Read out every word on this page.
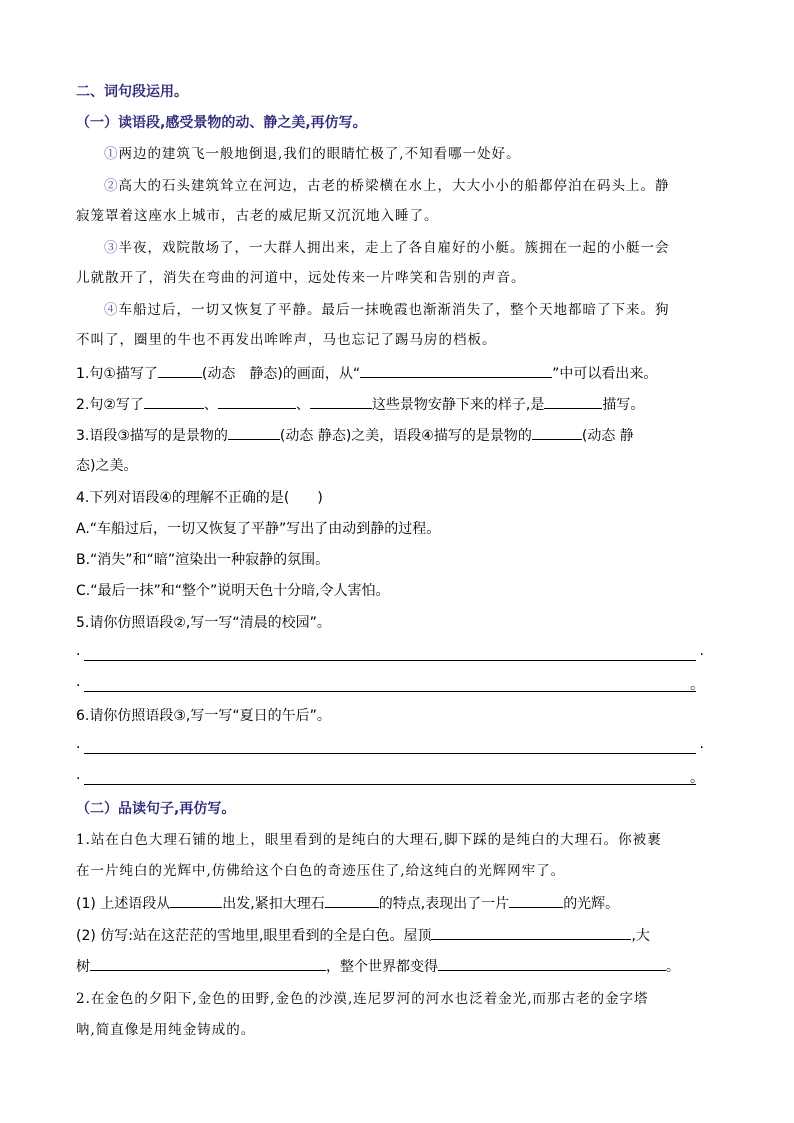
二、词句段运用。
（一）读语段,感受景物的动、静之美,再仿写。
①两边的建筑飞一般地倒退,我们的眼睛忙极了,不知看哪一处好。
②高大的石头建筑耸立在河边，古老的桥梁横在水上，大大小小的船都停泊在码头上。静
寂笼罩着这座水上城市，古老的威尼斯又沉沉地入睡了。
③半夜，戏院散场了，一大群人拥出来，走上了各自雇好的小艇。簇拥在一起的小艇一会
儿就散开了，消失在弯曲的河道中，远处传来一片哗笑和告别的声音。
④车船过后，一切又恢复了平静。最后一抹晚霞也渐渐消失了，整个天地都暗了下来。狗
不叫了，圈里的牛也不再发出哞哞声，马也忘记了踢马房的档板。
1.句①描写了	(动态　静态)的画面，从“	”中可以看出来。
2.句②写了	、	、	这些景物安静下来的样子,是	描写。
3.语段③描写的是景物的	(动态 静态)之美，语段④描写的是景物的	(动态 静
态)之美。
4.下列对语段④的理解不正确的是(　　)
A.“车船过后，一切又恢复了平静”写出了由动到静的过程。
B.“消失”和“暗”渲染出一种寂静的氛围。
C.“最后一抹”和“整个”说明天色十分暗,令人害怕。
5.请你仿照语段②,写一写“清晨的校园”。
.	.
.	。
6.请你仿照语段③,写一写“夏日的午后”。
.	.
.	。
（二）品读句子,再仿写。
1.站在白色大理石铺的地上，眼里看到的是纯白的大理石,脚下踩的是纯白的大理石。你被裹
在一片纯白的光辉中,仿佛给这个白色的奇迹压住了,给这纯白的光辉网牢了。
(1) 上述语段从	出发,紧扣大理石	的特点,表现出了一片	的光辉。
(2) 仿写:站在这茫茫的雪地里,眼里看到的全是白色。屋顶	,大
树	，整个世界都变得	。
2.在金色的夕阳下,金色的田野,金色的沙漠,连尼罗河的河水也泛着金光,而那古老的金字塔
呐,简直像是用纯金铸成的。
